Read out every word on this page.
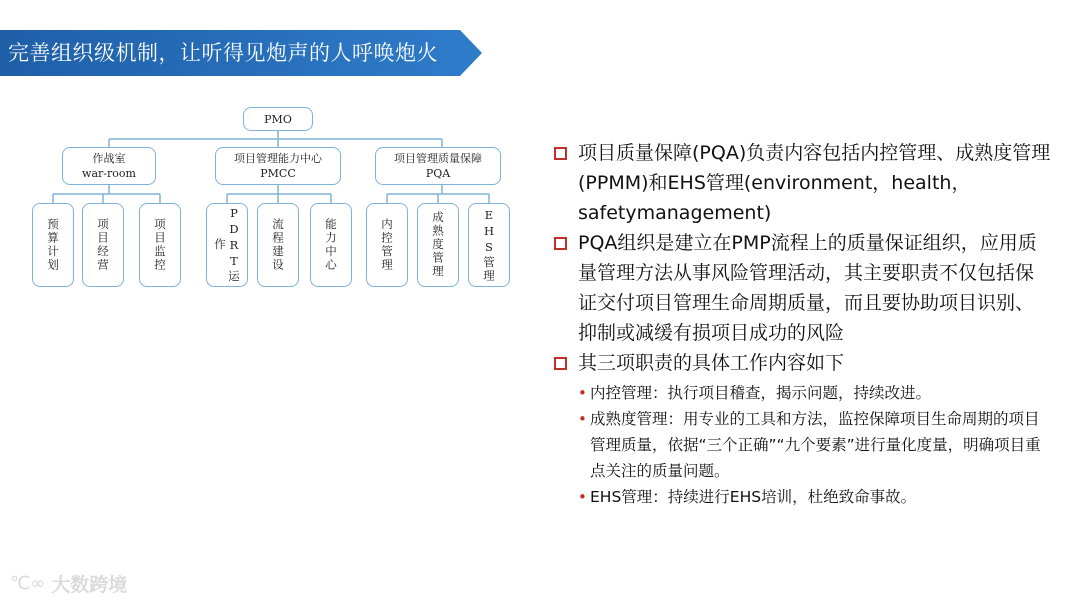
完善组织级机制，让听得见炮声的人呼唤炮火
PMO
作战室
war-room
项目管理能力中心
PMCC
项目管理质量保障
PQA
预算计划	项目经营	项目监控	PDRT运作	流程建设	能力中心	内控管理	成熟度管理	EHS管理
项目质量保障(PQA)负责内容包括内控管理、成熟度管理(PPMM)和EHS管理(environment，health，safetymanagement)
PQA组织是建立在PMP流程上的质量保证组织，应用质量管理方法从事风险管理活动，其主要职责不仅包括保证交付项目管理生命周期质量，而且要协助项目识别、抑制或减缓有损项目成功的风险
其三项职责的具体工作内容如下
• 内控管理：执行项目稽查，揭示问题，持续改进。
• 成熟度管理：用专业的工具和方法，监控保障项目生命周期的项目管理质量，依据“三个正确”“九个要素”进行量化度量，明确项目重点关注的质量问题。
• EHS管理：持续进行EHS培训，杜绝致命事故。
℃∞ 大数跨境
